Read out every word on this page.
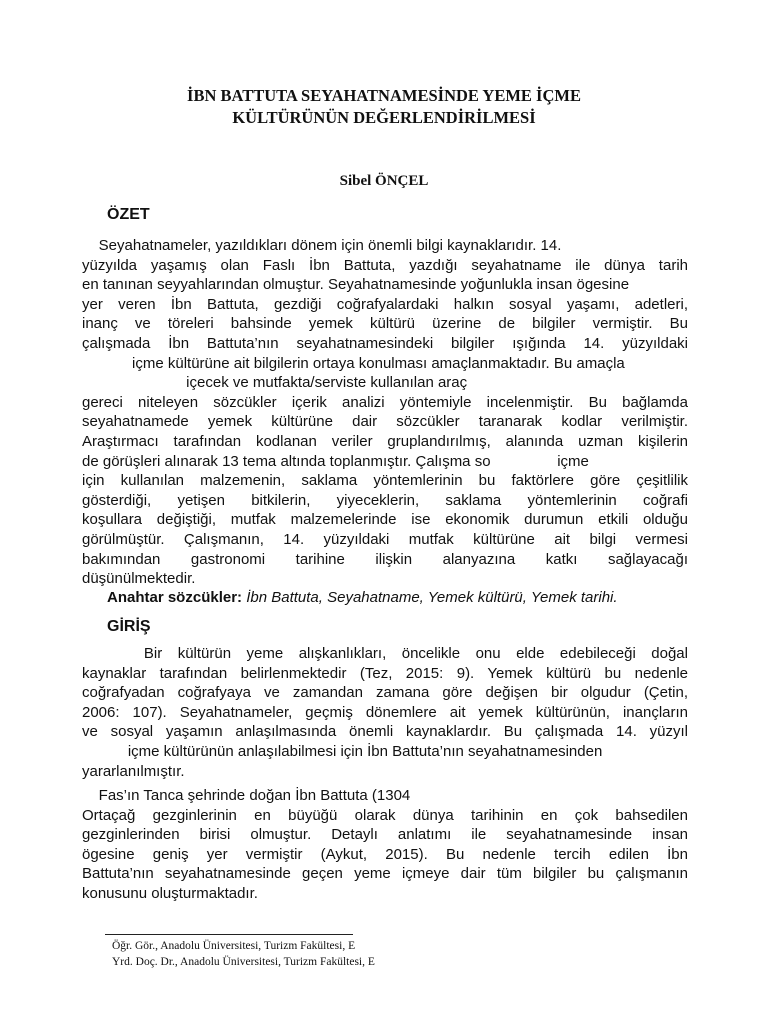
İBN BATTUTA SEYAHATNAMESİNDE YEME İÇME
KÜLTÜRÜNÜN DEĞERLENDİRİLMESİ
Sibel ÖNÇEL
ÖZET
Seyahatnameler, yazıldıkları dönem için önemli bilgi kaynaklarıdır. 14.
yüzyılda yaşamış olan Faslı İbn Battuta, yazdığı seyahatname ile dünya tarih
en tanınan seyyahlarından olmuştur. Seyahatnamesinde yoğunlukla insan ögesine
yer veren İbn Battuta, gezdiği coğrafyalardaki halkın sosyal yaşamı, adetleri,
inanç ve töreleri bahsinde yemek kültürü üzerine de bilgiler vermiştir. Bu
çalışmada İbn Battuta’nın seyahatnamesindeki bilgiler ışığında 14. yüzyıldaki
içme kültürüne ait bilgilerin ortaya konulması amaçlanmaktadır. Bu amaçla
içecek ve mutfakta/serviste kullanılan araç
gereci niteleyen sözcükler içerik analizi yöntemiyle incelenmiştir. Bu bağlamda
seyahatnamede yemek kültürüne dair sözcükler taranarak kodlar verilmiştir.
Araştırmacı tarafından kodlanan veriler gruplandırılmış, alanında uzman kişilerin
de görüşleri alınarak 13 tema altında toplanmıştır. Çalışma so                içme
için kullanılan malzemenin, saklama yöntemlerinin bu faktörlere göre çeşitlilik
gösterdiği, yetişen bitkilerin, yiyeceklerin, saklama yöntemlerinin coğrafi
koşullara değiştiği, mutfak malzemelerinde ise ekonomik durumun etkili olduğu
görülmüştür. Çalışmanın, 14. yüzyıldaki mutfak kültürüne ait bilgi vermesi
bakımından gastronomi tarihine ilişkin alanyazına katkı sağlayacağı
düşünülmektedir.
Anahtar sözcükler: İbn Battuta, Seyahatname, Yemek kültürü, Yemek tarihi.
GİRİŞ
Bir kültürün yeme alışkanlıkları, öncelikle onu elde edebileceği doğal
kaynaklar tarafından belirlenmektedir (Tez, 2015: 9). Yemek kültürü bu nedenle
coğrafyadan coğrafyaya ve zamandan zamana göre değişen bir olgudur (Çetin,
2006: 107). Seyahatnameler, geçmiş dönemlere ait yemek kültürünün, inançların
ve sosyal yaşamın anlaşılmasında önemli kaynaklardır. Bu çalışmada 14. yüzyıl
içme kültürünün anlaşılabilmesi için İbn Battuta’nın seyahatnamesinden
yararlanılmıştır.
Fas’ın Tanca şehrinde doğan İbn Battuta (1304
Ortaçağ gezginlerinin en büyüğü olarak dünya tarihinin en çok bahsedilen
gezginlerinden birisi olmuştur. Detaylı anlatımı ile seyahatnamesinde insan
ögesine geniş yer vermiştir (Aykut, 2015). Bu nedenle tercih edilen İbn
Battuta’nın seyahatnamesinde geçen yeme içmeye dair tüm bilgiler bu çalışmanın
konusunu oluşturmaktadır.
Öğr. Gör., Anadolu Üniversitesi, Turizm Fakültesi, E
Yrd. Doç. Dr., Anadolu Üniversitesi, Turizm Fakültesi, E
